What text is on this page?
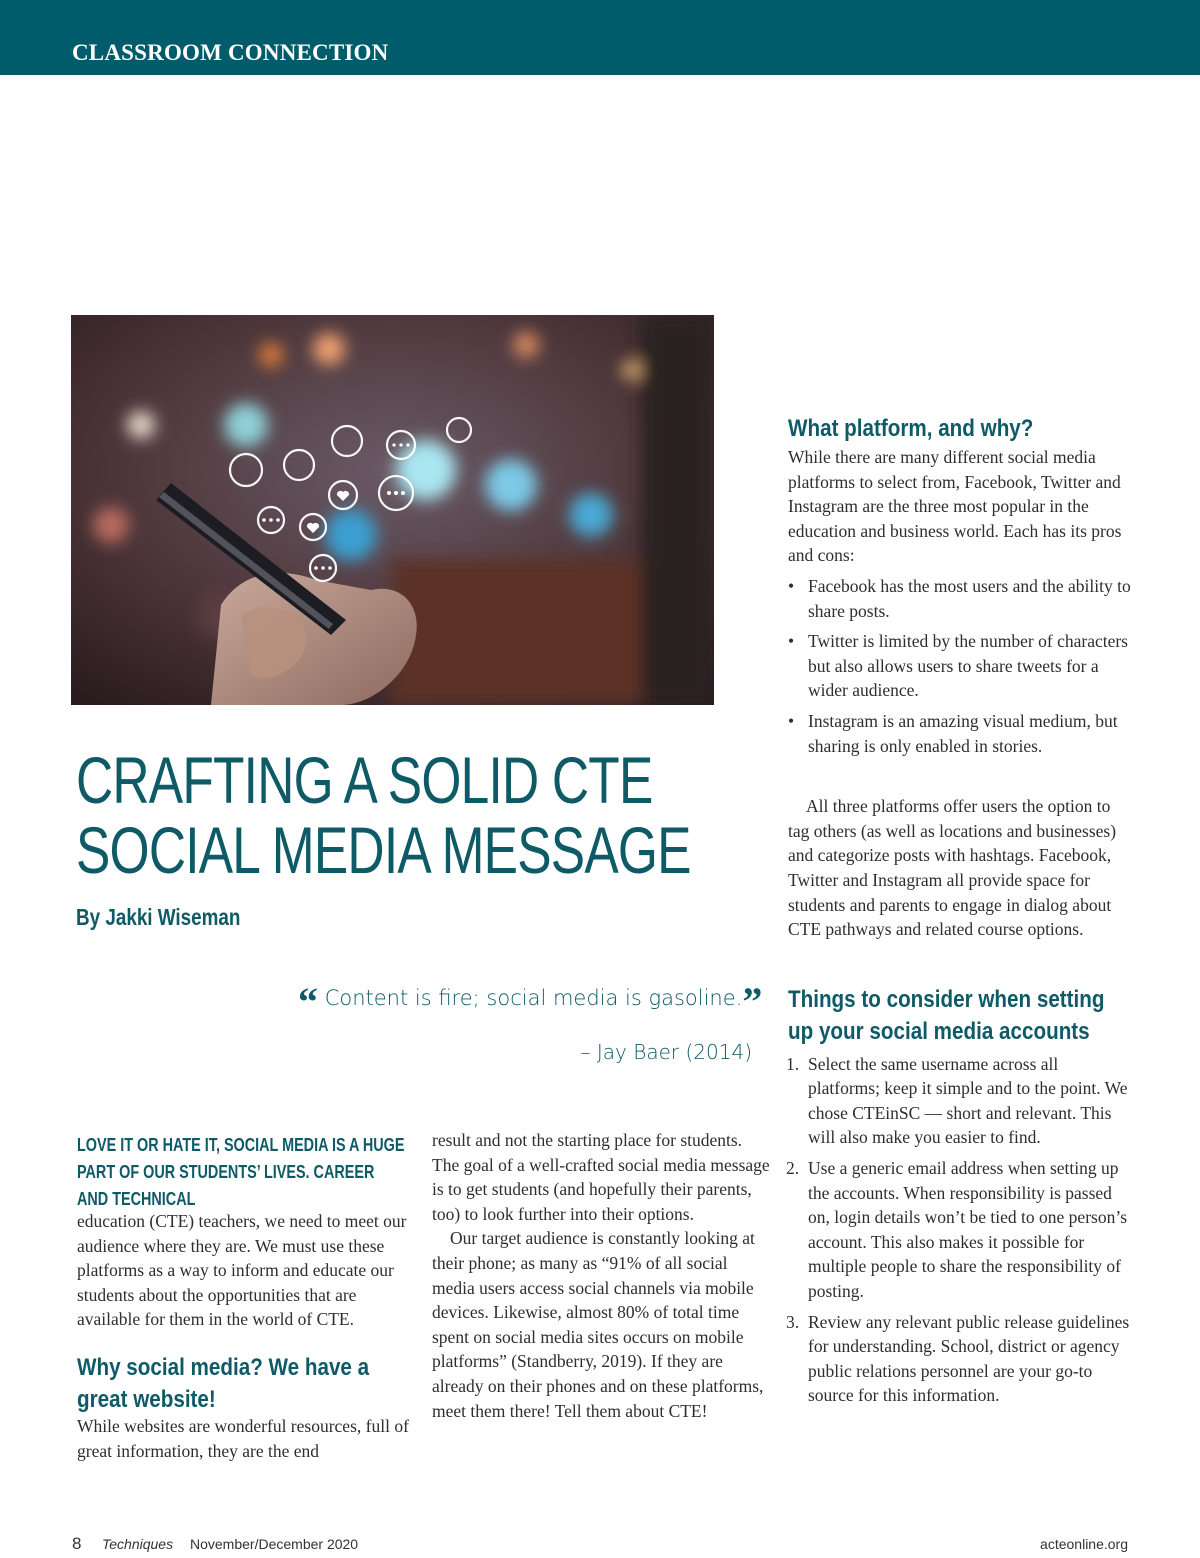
CLASSROOM CONNECTION
CRAFTING A SOLID CTE
SOCIAL MEDIA MESSAGE
By Jakki Wiseman
“ Content is fire; social media is gasoline.”
– Jay Baer (2014)
LOVE IT OR HATE IT, SOCIAL MEDIA IS A HUGE PART OF OUR STUDENTS’ LIVES. CAREER AND TECHNICAL

education (CTE) teachers, we need to meet our audience where they are. We must use these platforms as a way to inform and educate our students about the opportunities that are available for them in the world of CTE.

Why social media? We have a great website!

While websites are wonderful resources, full of great information, they are the end

result and not the starting place for students. The goal of a well-crafted social media message is to get students (and hopefully their parents, too) to look further into their options.

Our target audience is constantly looking at their phone; as many as “91% of all social media users access social channels via mobile devices. Likewise, almost 80% of total time spent on social media sites occurs on mobile platforms” (Standberry, 2019). If they are already on their phones and on these platforms, meet them there! Tell them about CTE!

What platform, and why?

While there are many different social media platforms to select from, Facebook, Twitter and Instagram are the three most popular in the education and business world. Each has its pros and cons:

• Facebook has the most users and the ability to share posts.
• Twitter is limited by the number of characters but also allows users to share tweets for a wider audience.
• Instagram is an amazing visual medium, but sharing is only enabled in stories.

All three platforms offer users the option to tag others (as well as locations and businesses) and categorize posts with hashtags. Facebook, Twitter and Instagram all provide space for students and parents to engage in dialog about CTE pathways and related course options.

Things to consider when setting
up your social media accounts
1. Select the same username across all platforms; keep it simple and to the point. We chose CTEinSC — short and relevant. This will also make you easier to find.
2. Use a generic email address when setting up the accounts. When responsibility is passed on, login details won’t be tied to one person’s account. This also makes it possible for multiple people to share the responsibility of posting.
3. Review any relevant public release guidelines for understanding. School, district or agency public relations personnel are your go-to source for this information.
8 Techniques November/December 2020	acteonline.org
